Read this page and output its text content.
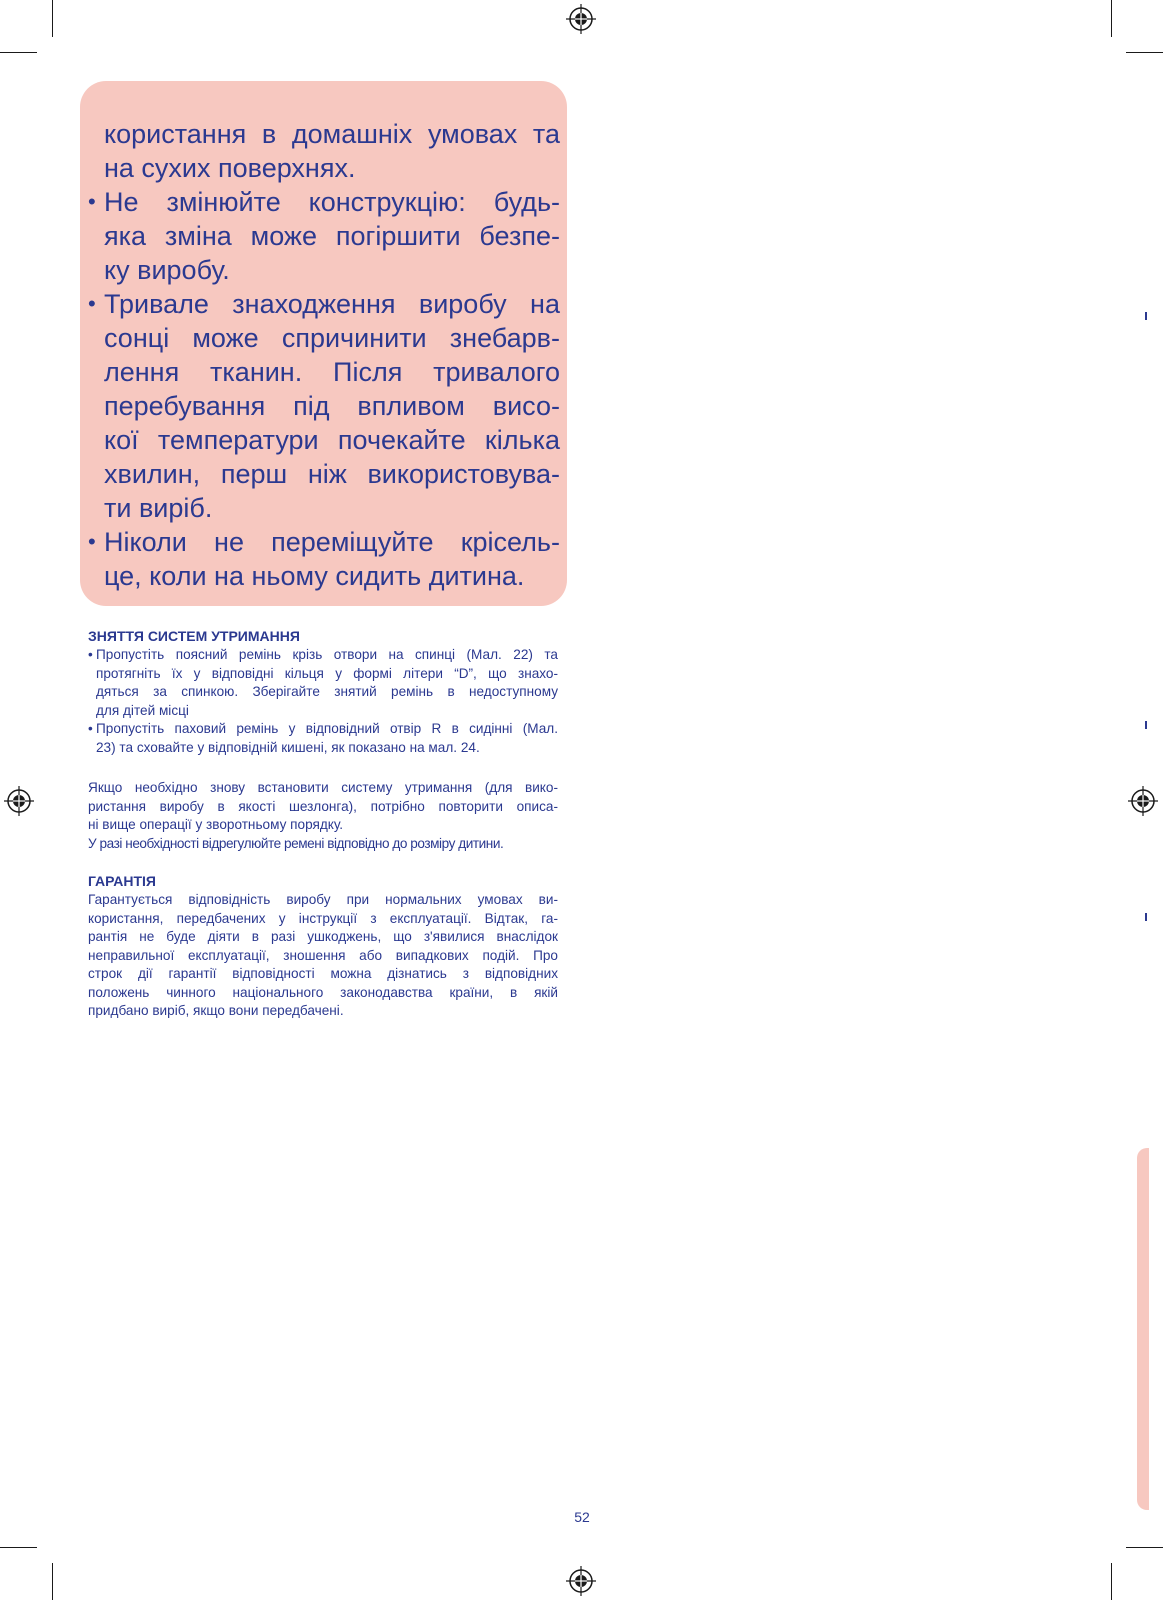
користання в домашніх умовах та
на сухих поверхнях.
• Не змінюйте конструкцію: будь-
яка зміна може погіршити безпе-
ку виробу.
• Тривале знаходження виробу на
сонці може спричинити знебарв-
лення тканин. Після тривалого
перебування під впливом висо-
кої температури почекайте кілька
хвилин, перш ніж використовува-
ти виріб.
• Ніколи не переміщуйте крісель-
це, коли на ньому сидить дитина.
ЗНЯТТЯ СИСТЕМ УТРИМАННЯ
• Пропустіть поясний ремінь крізь отвори на спинці (Мал. 22) та
протягніть їх у відповідні кільця у формі літери “D”, що знахо-
дяться за спинкою. Зберігайте знятий ремінь в недоступному
для дітей місці
• Пропустіть паховий ремінь у відповідний отвір R в сидінні (Мал.
23) та сховайте у відповідній кишені, як показано на мал. 24.
Якщо необхідно знову встановити систему утримання (для вико-
ристання виробу в якості шезлонга), потрібно повторити описа-
ні вище операції у зворотньому порядку.
У разі необхідності відрегулюйте ремені відповідно до розміру дитини.
ГАРАНТІЯ
Гарантується відповідність виробу при нормальних умовах ви-
користання, передбачених у інструкції з експлуатації. Відтак, га-
рантія не буде діяти в разі ушкоджень, що з'явилися внаслідок
неправильної експлуатації, зношення або випадкових подій. Про
строк дії гарантії відповідності можна дізнатись з відповідних
положень чинного національного законодавства країни, в якій
придбано виріб, якщо вони передбачені.
52
